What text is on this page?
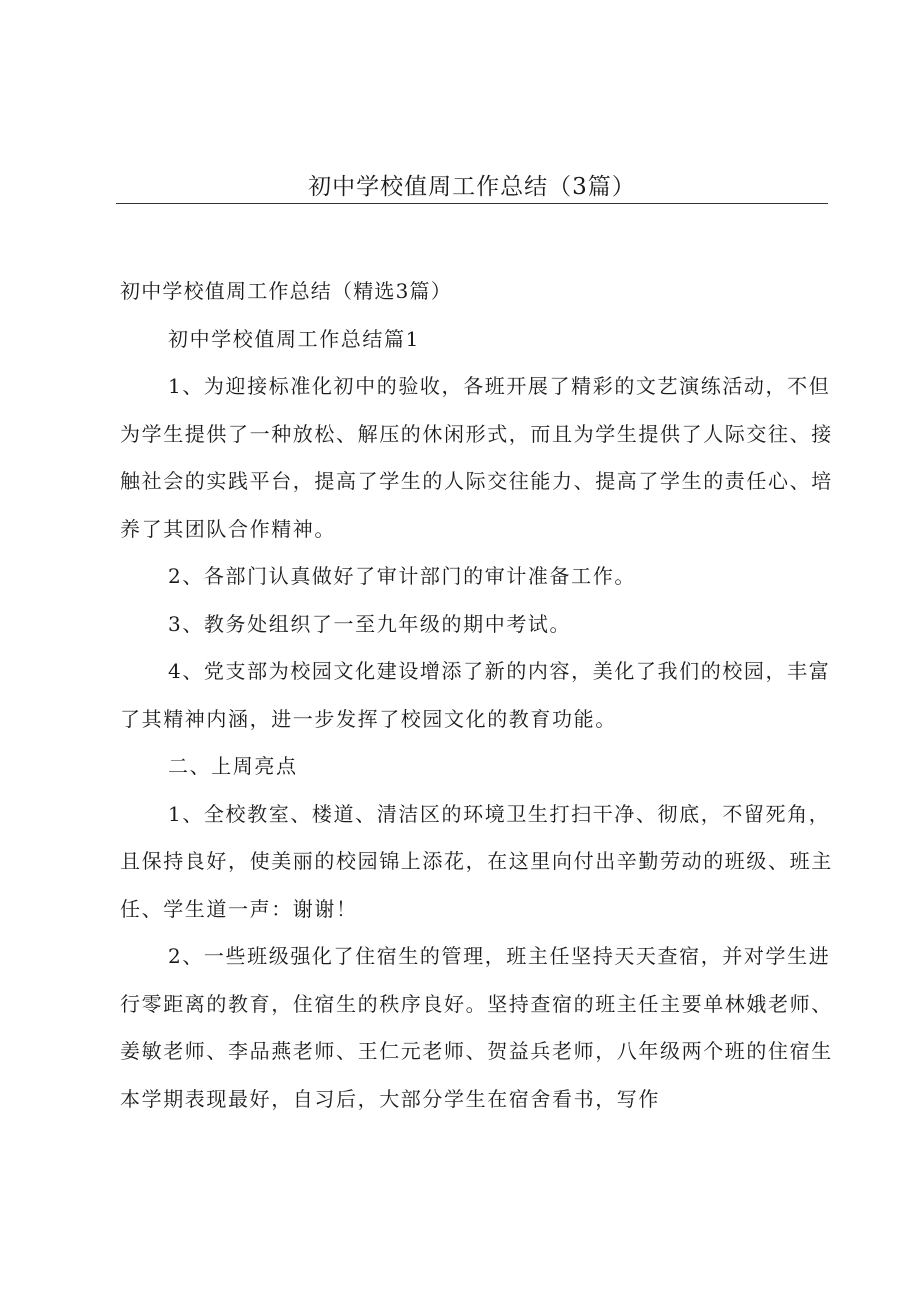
初中学校值周工作总结（3篇）

初中学校值周工作总结（精选3篇）

初中学校值周工作总结篇1

1、为迎接标准化初中的验收，各班开展了精彩的文艺演练活动，不但为学生提供了一种放松、解压的休闲形式，而且为学生提供了人际交往、接触社会的实践平台，提高了学生的人际交往能力、提高了学生的责任心、培养了其团队合作精神。

2、各部门认真做好了审计部门的审计准备工作。

3、教务处组织了一至九年级的期中考试。

4、党支部为校园文化建设增添了新的内容，美化了我们的校园，丰富了其精神内涵，进一步发挥了校园文化的教育功能。

二、上周亮点

1、全校教室、楼道、清洁区的环境卫生打扫干净、彻底，不留死角，且保持良好，使美丽的校园锦上添花，在这里向付出辛勤劳动的班级、班主任、学生道一声：谢谢！

2、一些班级强化了住宿生的管理，班主任坚持天天查宿，并对学生进行零距离的教育，住宿生的秩序良好。坚持查宿的班主任主要单林娥老师、姜敏老师、李品燕老师、王仁元老师、贺益兵老师，八年级两个班的住宿生本学期表现最好，自习后，大部分学生在宿舍看书，写作
